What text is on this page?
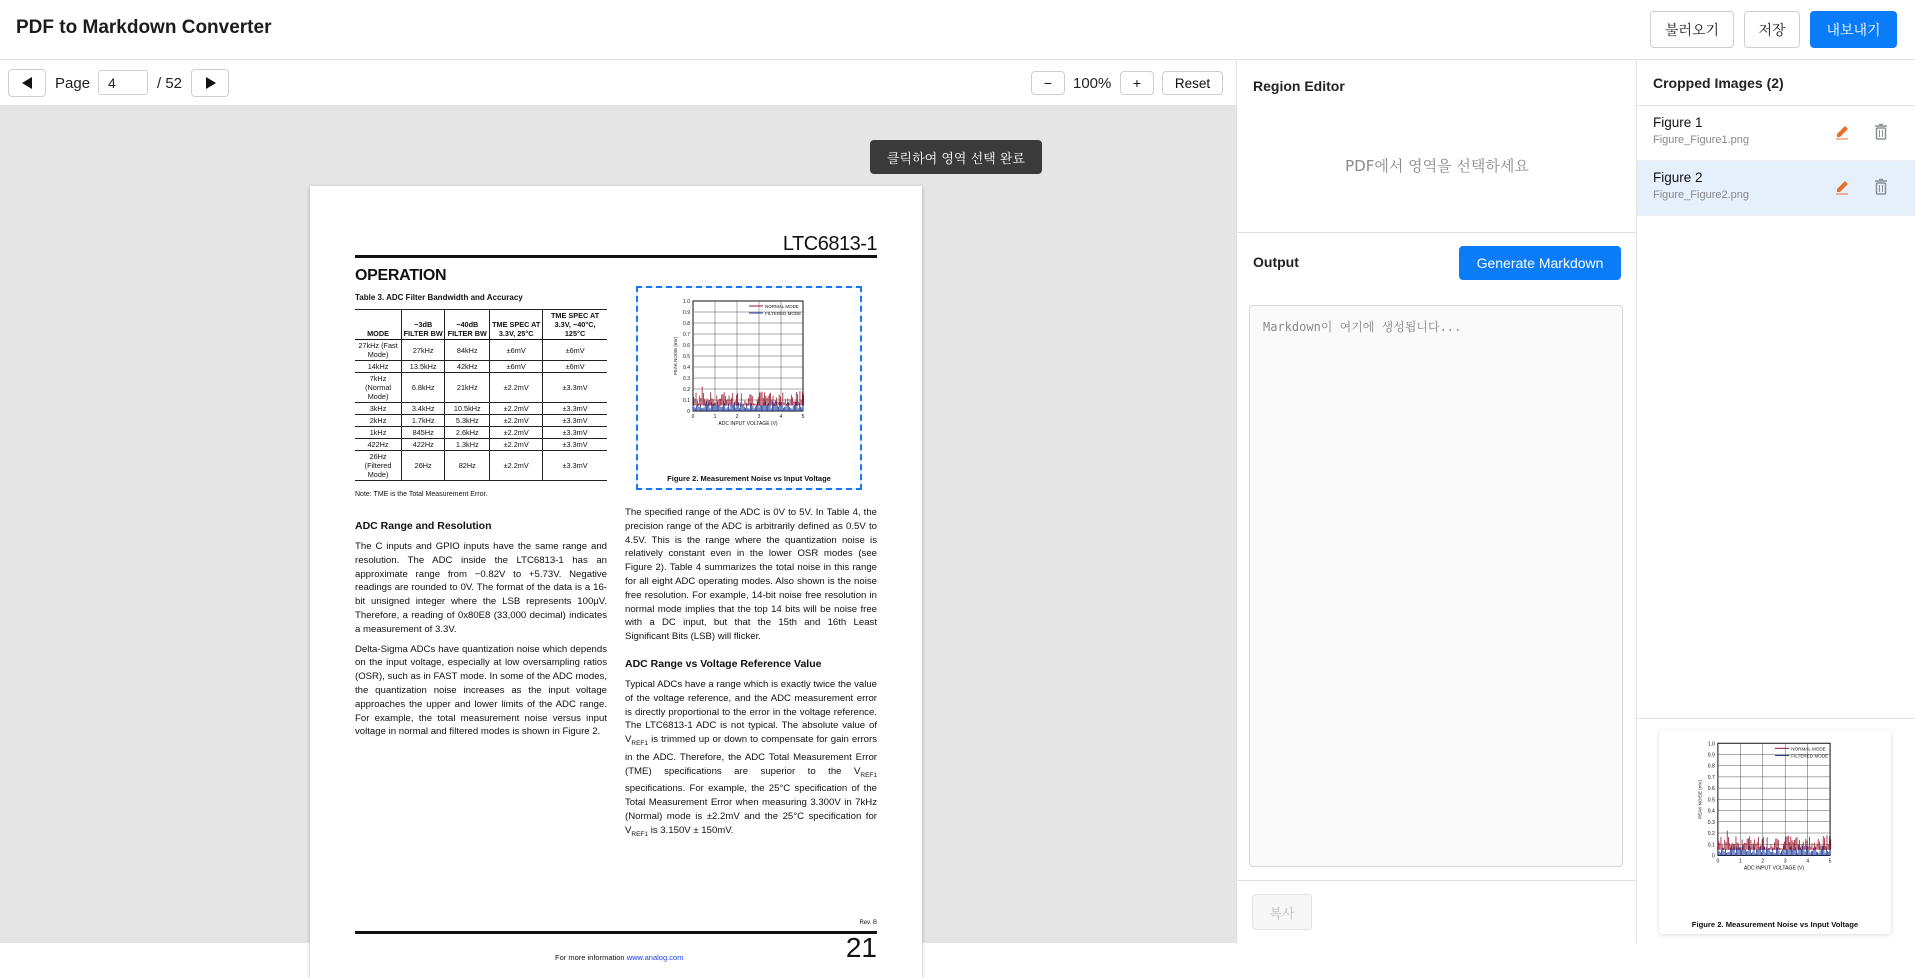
PDF to Markdown Converter	불러오기	저장	내보내기
Page
4	/ 52	−	100%	+	Reset
LTC6813-1
OPERATION
Table 3. ADC Filter Bandwidth and Accuracy
MODE	−3dB FILTER BW	−40dB FILTER BW	TME SPEC AT 3.3V, 25°C	TME SPEC AT 3.3V, −40°C, 125°C
27kHz (Fast Mode)	27kHz	84kHz	±6mV	±6mV
14kHz	13.5kHz	42kHz	±6mV	±6mV
7kHz (Normal Mode)	6.8kHz	21kHz	±2.2mV	±3.3mV
3kHz	3.4kHz	10.5kHz	±2.2mV	±3.3mV
2kHz	1.7kHz	5.3kHz	±2.2mV	±3.3mV
1kHz	845Hz	2.6kHz	±2.2mV	±3.3mV
422Hz	422Hz	1.3kHz	±2.2mV	±3.3mV
26Hz (Filtered Mode)	26Hz	82Hz	±2.2mV	±3.3mV
Note: TME is the Total Measurement Error.
ADC Range and Resolution

The C inputs and GPIO inputs have the same range and resolution. The ADC inside the LTC6813-1 has an approximate range from −0.82V to +5.73V. Negative readings are rounded to 0V. The format of the data is a 16-bit unsigned integer where the LSB represents 100µV. Therefore, a reading of 0x80E8 (33,000 decimal) indicates a measurement of 3.3V.

Delta-Sigma ADCs have quantization noise which depends on the input voltage, especially at low oversampling ratios (OSR), such as in FAST mode. In some of the ADC modes, the quantization noise increases as the input voltage approaches the upper and lower limits of the ADC range. For example, the total measurement noise versus input voltage in normal and filtered modes is shown in Figure 2.

1.0
0.9
0.8
0.7
0.6
0.5
0.4
0.3
0.2
0.1
0
0	1	2	3	4	5
PEAK NOISE (mV)
ADC INPUT VOLTAGE (V)
NORMAL MODE
FILTERED MODE
Figure 2. Measurement Noise vs Input Voltage

The specified range of the ADC is 0V to 5V. In Table 4, the precision range of the ADC is arbitrarily defined as 0.5V to 4.5V. This is the range where the quantization noise is relatively constant even in the lower OSR modes (see Figure 2). Table 4 summarizes the total noise in this range for all eight ADC operating modes. Also shown is the noise free resolution. For example, 14-bit noise free resolution in normal mode implies that the top 14 bits will be noise free with a DC input, but that the 15th and 16th Least Significant Bits (LSB) will flicker.

ADC Range vs Voltage Reference Value

Typical ADCs have a range which is exactly twice the value of the voltage reference, and the ADC measurement error is directly proportional to the error in the voltage reference. The LTC6813-1 ADC is not typical. The absolute value of $V_{REF1}$ is trimmed up or down to compensate for gain errors in the ADC. Therefore, the ADC Total Measurement Error (TME) specifications are superior to the $V_{REF1}$ specifications. For example, the 25°C specification of the Total Measurement Error when measuring 3.300V in 7kHz (Normal) mode is ±2.2mV and the 25°C specification for $V_{REF1}$ is 3.150V ± 150mV.

Rev. B
For more information www.analog.com	21
클릭하여 영역 선택 완료
Region Editor
PDF에서 영역을 선택하세요
Output	Generate Markdown
Markdown이 여기에 생성됩니다...
복사
Cropped Images (2)
Figure 1
Figure_Figure1.png
Figure 2
Figure_Figure2.png
1.0
0.9
0.8
0.7
0.6
0.5
0.4
0.3
0.2
0.1
0
0	1	2	3	4	5
PEAK NOISE (mV)
ADC INPUT VOLTAGE (V)
NORMAL MODE
FILTERED MODE
Figure 2. Measurement Noise vs Input Voltage
